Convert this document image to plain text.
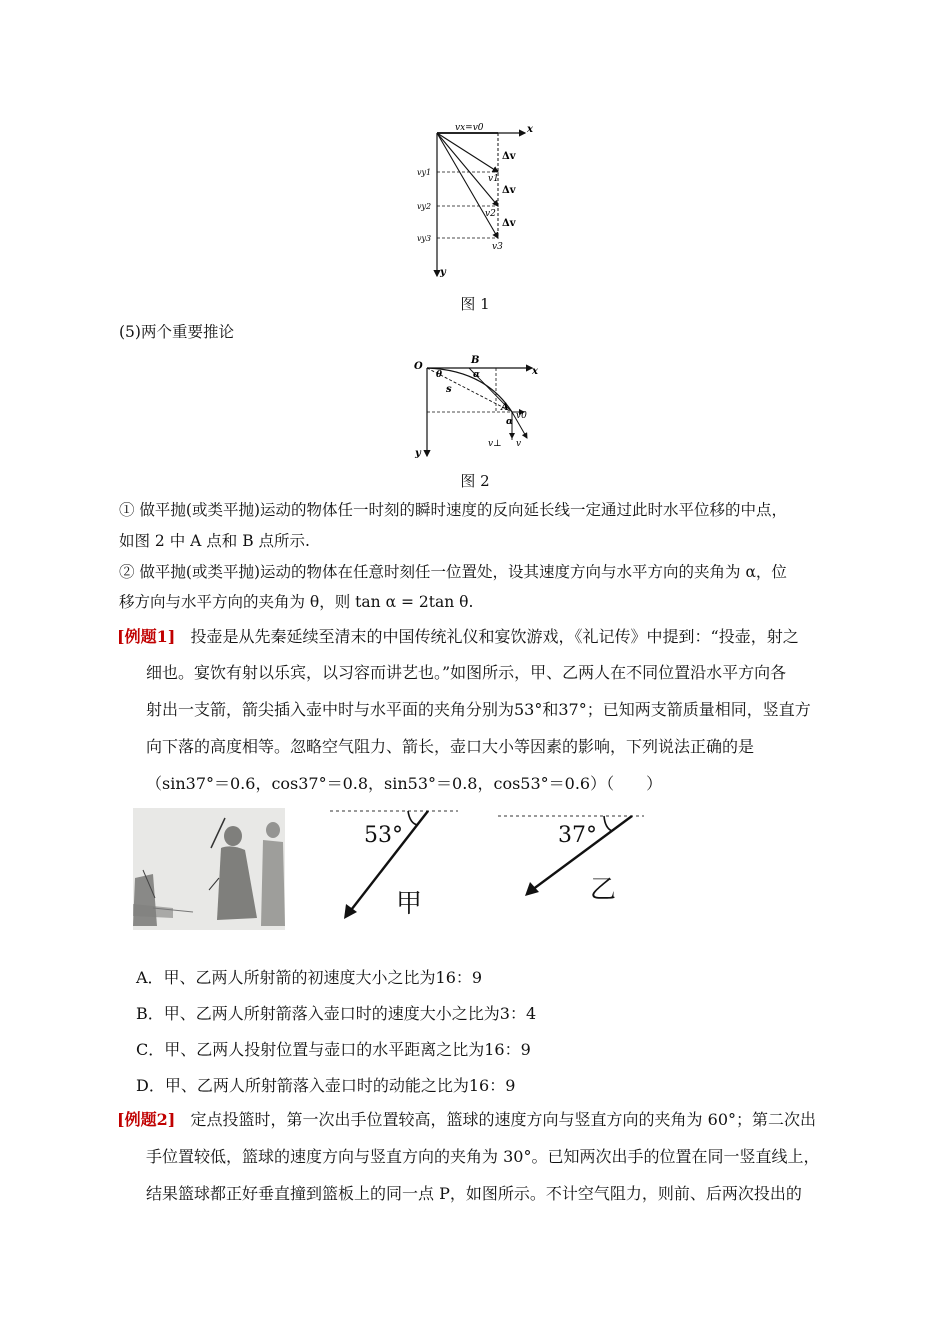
vx=v0	x
y
Δv
Δv
Δv
v1
v2
v3
vy1
vy2
vy3
图 1
(5)两个重要推论
O
B
x
y
θ	α
s
A
α
v0
v⊥ v
图 2
① 做平抛(或类平抛)运动的物体任一时刻的瞬时速度的反向延长线一定通过此时水平位移的中点，
如图 2 中 A 点和 B 点所示.
② 做平抛(或类平抛)运动的物体在任意时刻任一位置处，设其速度方向与水平方向的夹角为 α，位
移方向与水平方向的夹角为 θ，则 tan α = 2tan θ.
[例题1] 投壶是从先秦延续至清末的中国传统礼仪和宴饮游戏，《礼记传》中提到：“投壶，射之
细也。宴饮有射以乐宾，以习容而讲艺也。”如图所示，甲、乙两人在不同位置沿水平方向各
射出一支箭，箭尖插入壶中时与水平面的夹角分别为53°和37°；已知两支箭质量相同，竖直方
向下落的高度相等。忽略空气阻力、箭长，壶口大小等因素的影响，下列说法正确的是
（sin37°＝0.6，cos37°＝0.8，sin53°＝0.8，cos53°＝0.6）（　　）
53°
甲
37°
乙
A．甲、乙两人所射箭的初速度大小之比为16：9
B．甲、乙两人所射箭落入壶口时的速度大小之比为3：4
C．甲、乙两人投射位置与壶口的水平距离之比为16：9
D．甲、乙两人所射箭落入壶口时的动能之比为16：9
[例题2] 定点投篮时，第一次出手位置较高，篮球的速度方向与竖直方向的夹角为 60°；第二次出
手位置较低，篮球的速度方向与竖直方向的夹角为 30°。已知两次出手的位置在同一竖直线上，
结果篮球都正好垂直撞到篮板上的同一点 P，如图所示。不计空气阻力，则前、后两次投出的
